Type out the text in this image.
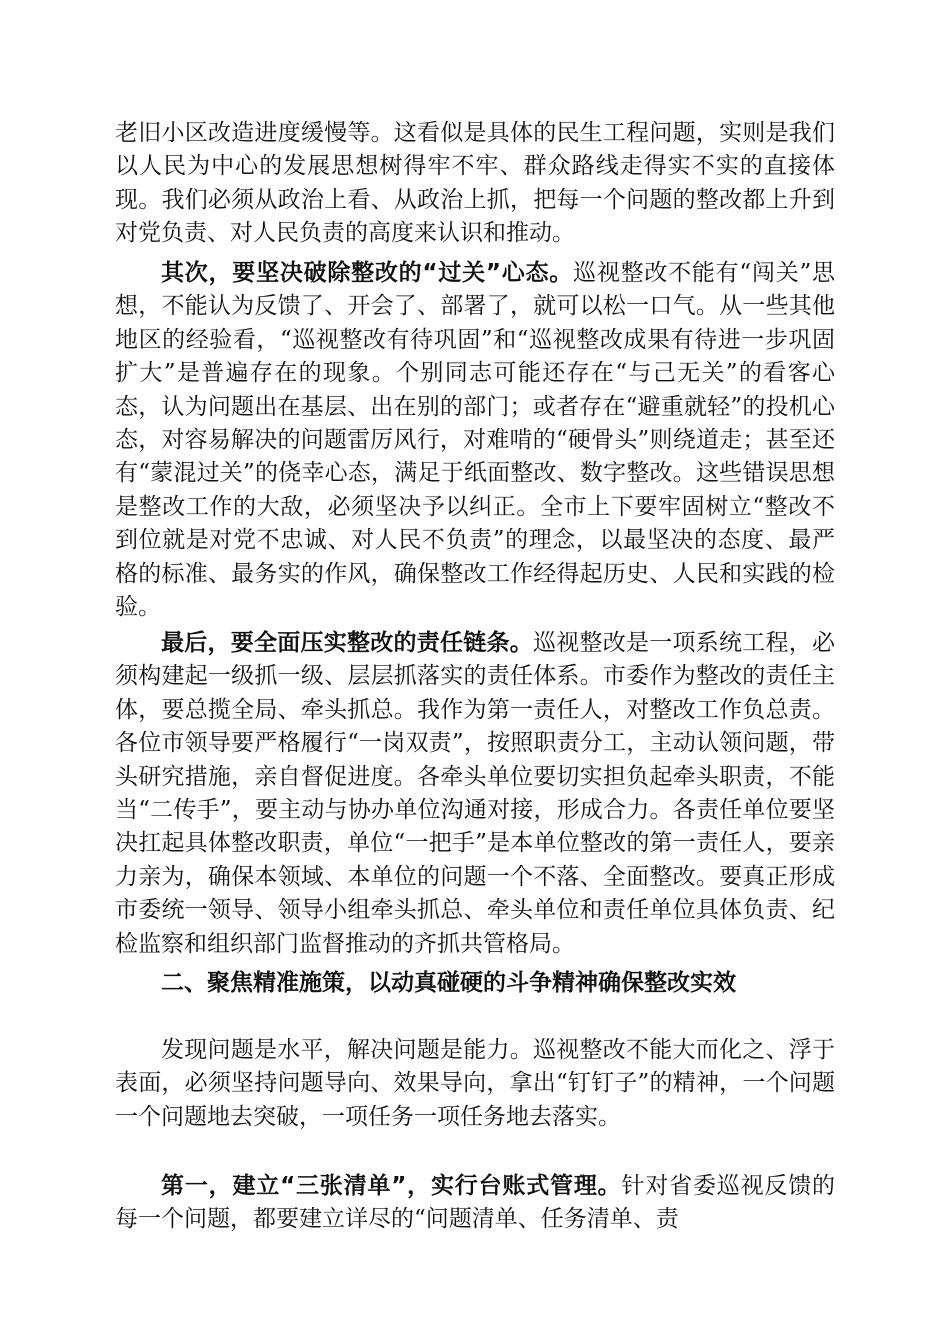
老旧小区改造进度缓慢等。这看似是具体的民生工程问题，实则是我们以人民为中心的发展思想树得牢不牢、群众路线走得实不实的直接体现。我们必须从政治上看、从政治上抓，把每一个问题的整改都上升到对党负责、对人民负责的高度来认识和推动。

其次，要坚决破除整改的“过关”心态。巡视整改不能有“闯关”思想，不能认为反馈了、开会了、部署了，就可以松一口气。从一些其他地区的经验看，“巡视整改有待巩固”和“巡视整改成果有待进一步巩固扩大”是普遍存在的现象。个别同志可能还存在“与己无关”的看客心态，认为问题出在基层、出在别的部门；或者存在“避重就轻”的投机心态，对容易解决的问题雷厉风行，对难啃的“硬骨头”则绕道走；甚至还有“蒙混过关”的侥幸心态，满足于纸面整改、数字整改。这些错误思想是整改工作的大敌，必须坚决予以纠正。全市上下要牢固树立“整改不到位就是对党不忠诚、对人民不负责”的理念，以最坚决的态度、最严格的标准、最务实的作风，确保整改工作经得起历史、人民和实践的检验。

最后，要全面压实整改的责任链条。巡视整改是一项系统工程，必须构建起一级抓一级、层层抓落实的责任体系。市委作为整改的责任主体，要总揽全局、牵头抓总。我作为第一责任人，对整改工作负总责。各位市领导要严格履行“一岗双责”，按照职责分工，主动认领问题，带头研究措施，亲自督促进度。各牵头单位要切实担负起牵头职责，不能当“二传手”，要主动与协办单位沟通对接，形成合力。各责任单位要坚决扛起具体整改职责，单位“一把手”是本单位整改的第一责任人，要亲力亲为，确保本领域、本单位的问题一个不落、全面整改。要真正形成市委统一领导、领导小组牵头抓总、牵头单位和责任单位具体负责、纪检监察和组织部门监督推动的齐抓共管格局。

二、聚焦精准施策，以动真碰硬的斗争精神确保整改实效

发现问题是水平，解决问题是能力。巡视整改不能大而化之、浮于表面，必须坚持问题导向、效果导向，拿出“钉钉子”的精神，一个问题一个问题地去突破，一项任务一项任务地去落实。

第一，建立“三张清单”，实行台账式管理。针对省委巡视反馈的每一个问题，都要建立详尽的“问题清单、任务清单、责
